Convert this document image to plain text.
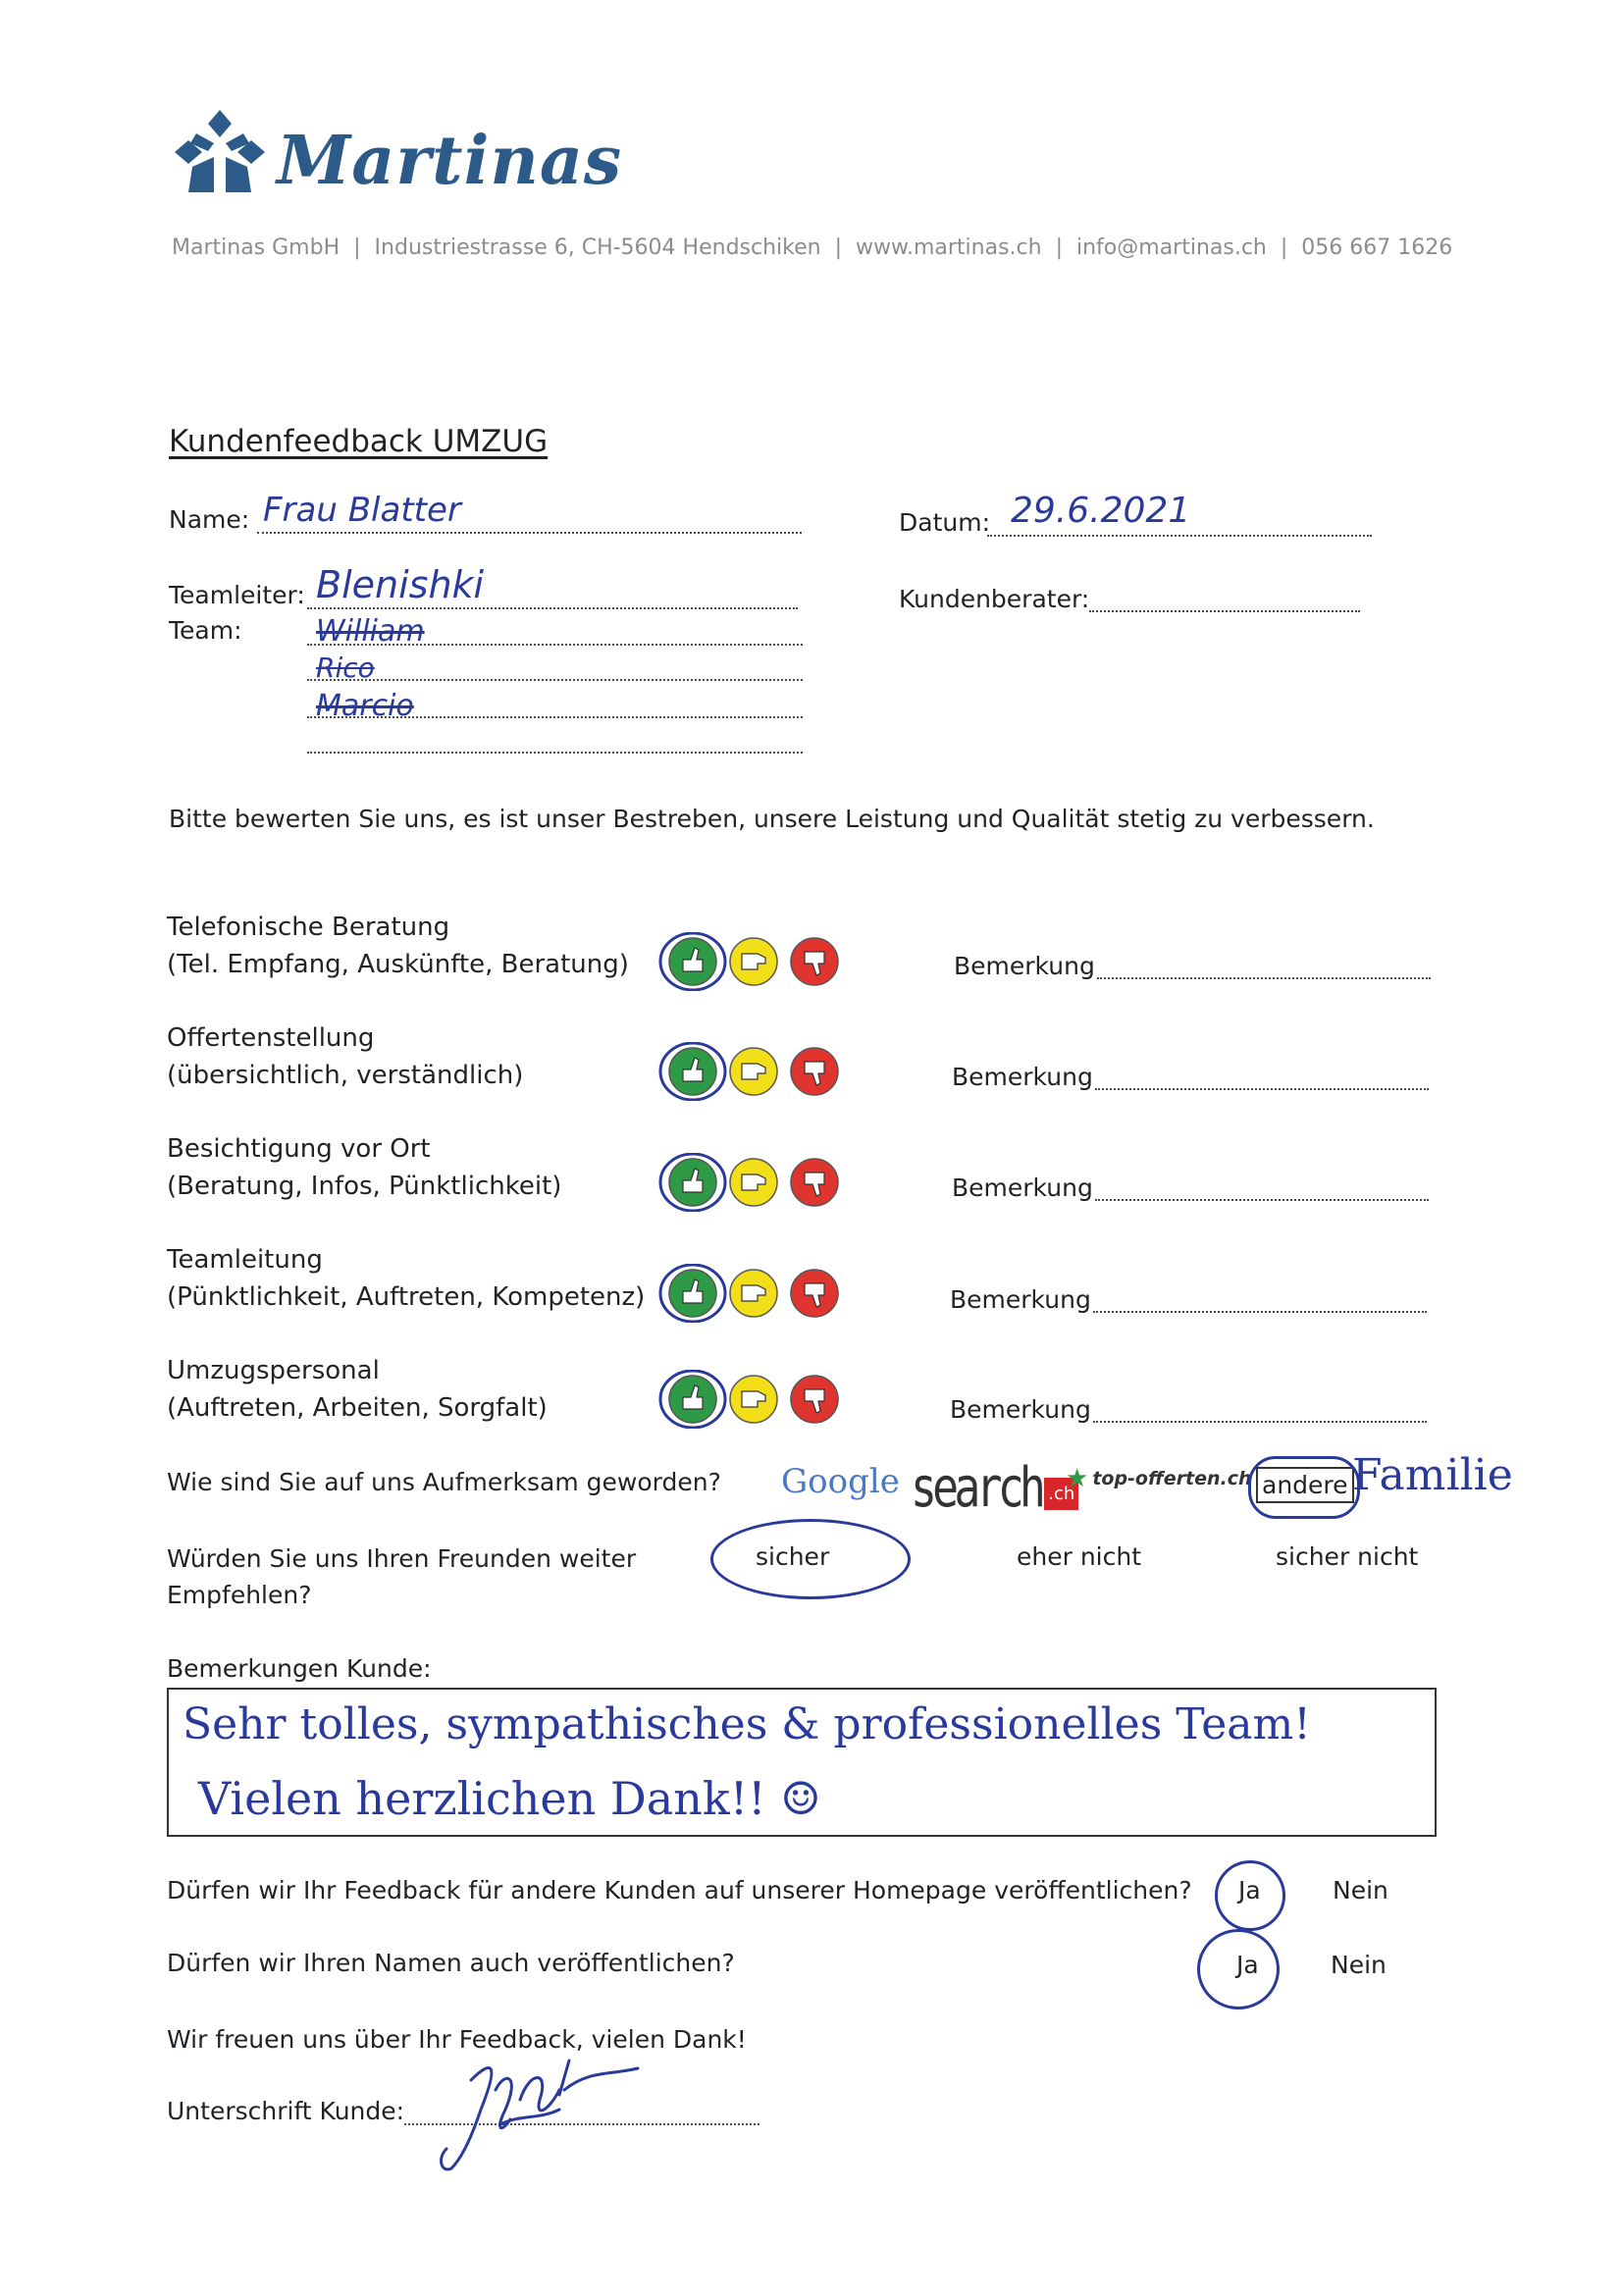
Martinas
Martinas GmbH | Industriestrasse 6, CH-5604 Hendschiken | www.martinas.ch | info@martinas.ch | 056 667 1626
Kundenfeedback UMZUG
Name: Frau Blatter	Datum: 29.6.2021
Teamleiter: Blenishki	Kundenberater:
Team:	William
Rico
Marcio
Bitte bewerten Sie uns, es ist unser Bestreben, unsere Leistung und Qualität stetig zu verbessern.
Telefonische Beratung
(Tel. Empfang, Auskünfte, Beratung)	Bemerkung
Offertenstellung
(übersichtlich, verständlich)	Bemerkung
Besichtigung vor Ort
(Beratung, Infos, Pünktlichkeit)	Bemerkung
Teamleitung
(Pünktlichkeit, Auftreten, Kompetenz)	Bemerkung
Umzugspersonal
(Auftreten, Arbeiten, Sorgfalt)	Bemerkung
Wie sind Sie auf uns Aufmerksam geworden? Google search .ch
★ top-offerten.ch andere Familie
Würden Sie uns Ihren Freunden weiter
Empfehlen?
sicher	eher nicht	sicher nicht
Bemerkungen Kunde:
Sehr tolles, sympathisches & professionelles Team!
Vielen herzlichen Dank!! ☺
Dürfen wir Ihr Feedback für andere Kunden auf unserer Homepage veröffentlichen? Ja	Nein
Dürfen wir Ihren Namen auch veröffentlichen?	Ja	Nein
Wir freuen uns über Ihr Feedback, vielen Dank!
Unterschrift Kunde:
